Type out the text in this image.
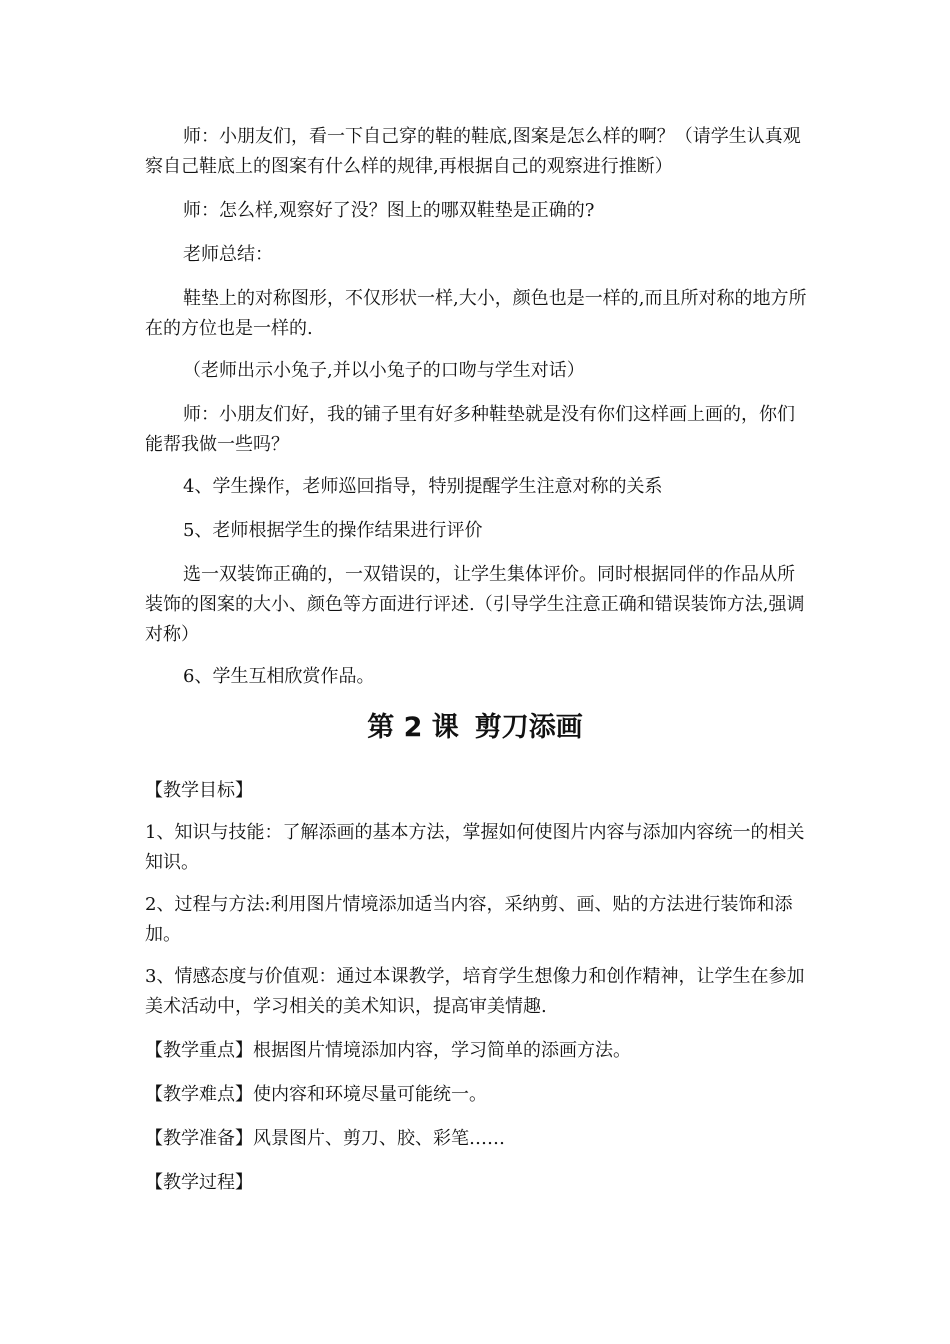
师：小朋友们，看一下自己穿的鞋的鞋底,图案是怎么样的啊？（请学生认真观察自己鞋底上的图案有什么样的规律,再根据自己的观察进行推断）

师：怎么样,观察好了没？图上的哪双鞋垫是正确的?

老师总结：

鞋垫上的对称图形，不仅形状一样,大小，颜色也是一样的,而且所对称的地方所在的方位也是一样的.

（老师出示小兔子,并以小兔子的口吻与学生对话）

师：小朋友们好，我的铺子里有好多种鞋垫就是没有你们这样画上画的，你们能帮我做一些吗？

4、学生操作，老师巡回指导，特别提醒学生注意对称的关系

5、老师根据学生的操作结果进行评价

选一双装饰正确的，一双错误的，让学生集体评价。同时根据同伴的作品从所装饰的图案的大小、颜色等方面进行评述.（引导学生注意正确和错误装饰方法,强调对称）

6、学生互相欣赏作品。

第 2 课 剪刀添画

【教学目标】

1、知识与技能：了解添画的基本方法，掌握如何使图片内容与添加内容统一的相关知识。

2、过程与方法:利用图片情境添加适当内容，采纳剪、画、贴的方法进行装饰和添加。

3、情感态度与价值观：通过本课教学，培育学生想像力和创作精神，让学生在参加美术活动中，学习相关的美术知识，提高审美情趣.

【教学重点】根据图片情境添加内容，学习简单的添画方法。

【教学难点】使内容和环境尽量可能统一。

【教学准备】风景图片、剪刀、胶、彩笔……

【教学过程】
